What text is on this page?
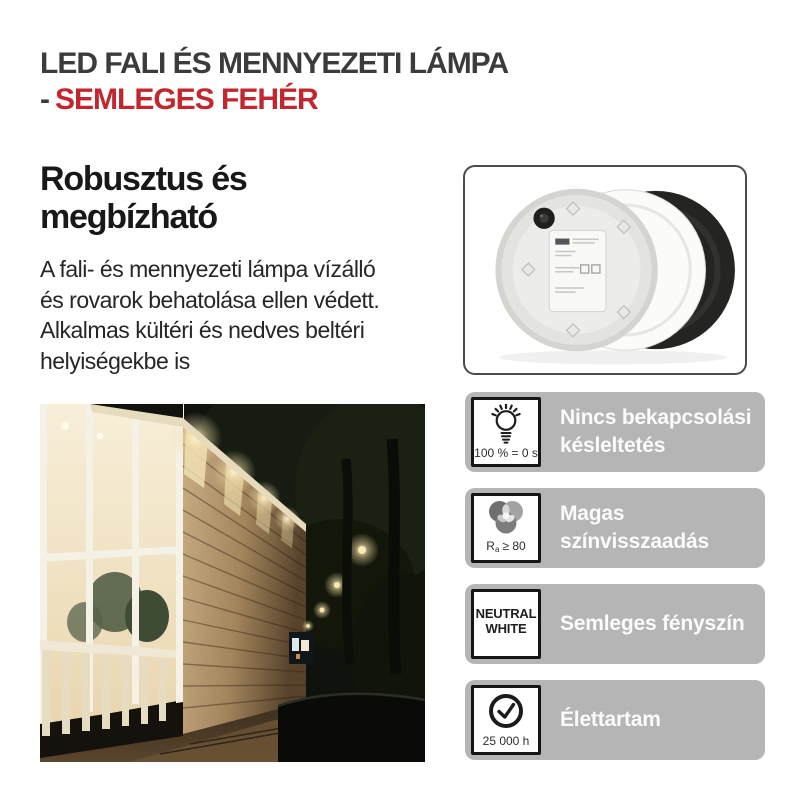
LED FALI ÉS MENNYEZETI LÁMPA
- SEMLEGES FEHÉR
Robusztus és
megbízható
A fali- és mennyezeti lámpa vízálló
és rovarok behatolása ellen védett.
Alkalmas kültéri és nedves beltéri
helyiségekbe is
100 % = 0 s
Nincs bekapcsolási késleltetés
$R_a \ge 80$
Magas színvisszaadás
NEUTRAL
WHITE	Semleges fényszín
25 000 h
Élettartam
